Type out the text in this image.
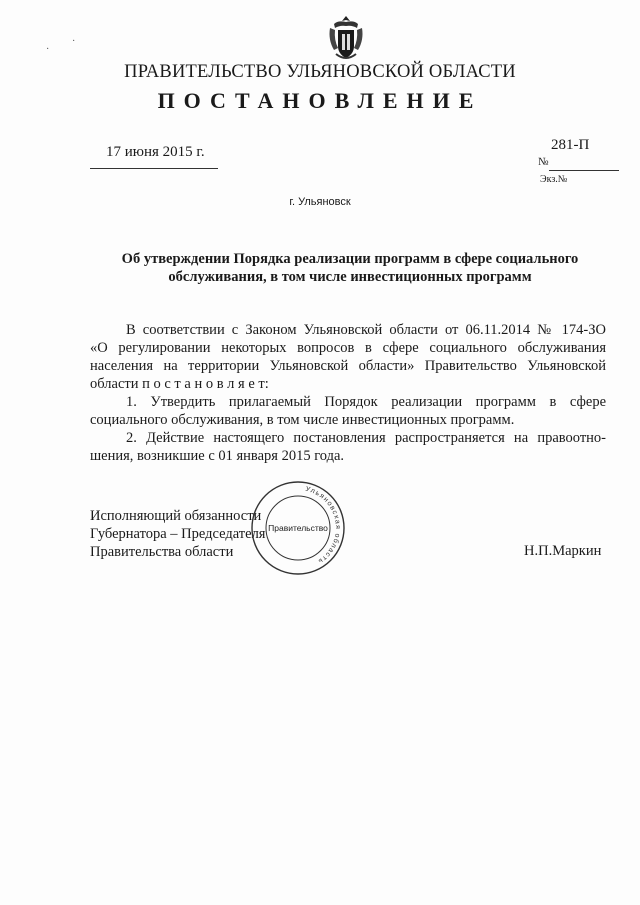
·
·
ПРАВИТЕЛЬСТВО УЛЬЯНОВСКОЙ ОБЛАСТИ
ПОСТАНОВЛЕНИЕ
17 июня 2015 г.	281-П
№
Экз.№
г. Ульяновск
Об утверждении Порядка реализации программ в сфере социального
обслуживания, в том числе инвестиционных программ

В соответствии с Законом Ульяновской области от 06.11.2014 № 174-ЗО

«О регулировании некоторых вопросов в сфере социального обслуживания

населения на территории Ульяновской области» Правительство Ульяновской

области п о с т а н о в л я е т:

1. Утвердить прилагаемый Порядок реализации программ в сфере

социального обслуживания, в том числе инвестиционных программ.

2. Действие настоящего постановления распространяется на правоотно-

шения, возникшие с 01 января 2015 года.

Исполняющий обязанности
Губернатора – Председателя
Правительства области	Н.П.Маркин
Ульяновская область
Правительство
